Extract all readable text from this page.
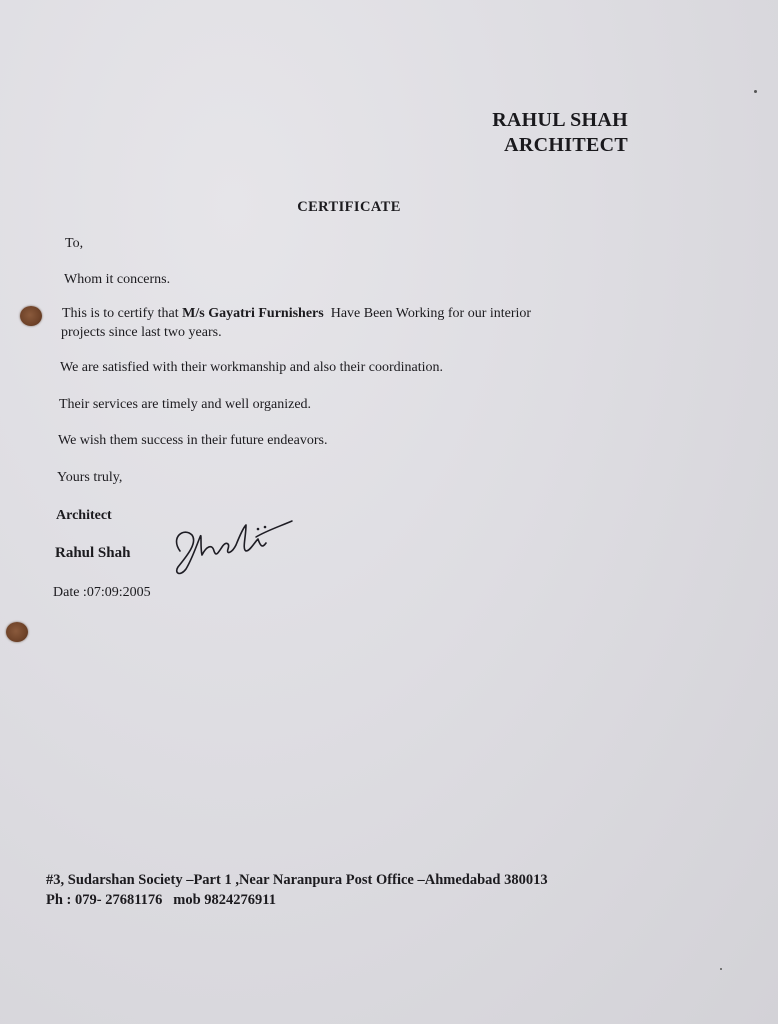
RAHUL SHAH
ARCHITECT
CERTIFICATE
To,
Whom it concerns.
This is to certify that M/s Gayatri Furnishers  Have Been Working for our interior
projects since last two years.
We are satisfied with their workmanship and also their coordination.
Their services are timely and well organized.
We wish them success in their future endeavors.
Yours truly,
Architect
Rahul Shah
Date :07:09:2005
#3, Sudarshan Society –Part 1 ,Near Naranpura Post Office –Ahmedabad 380013
Ph : 079- 27681176   mob 9824276911
